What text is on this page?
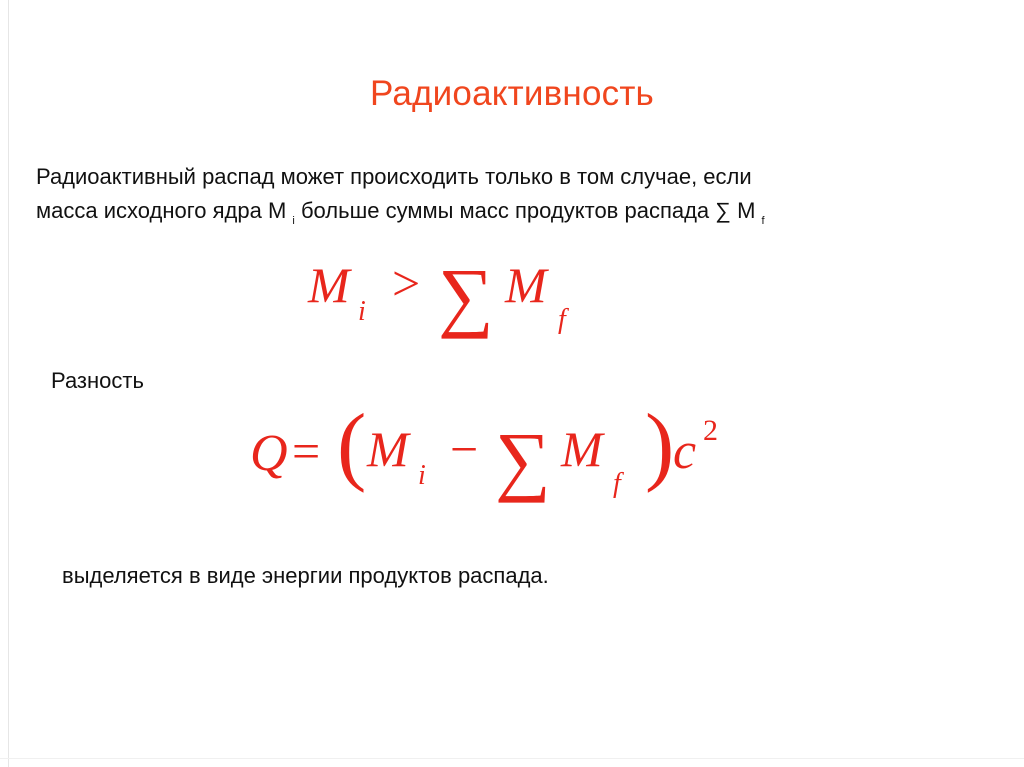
Радиоактивность
Радиоактивный распад может происходить только в том случае, если
масса исходного ядра М $_i$ больше суммы масс продуктов распада ∑ М $_f$
M i
> ∑ M
f
Разность
Q = ( M i − ∑ M
f )
c 2
выделяется в виде энергии продуктов распада.
